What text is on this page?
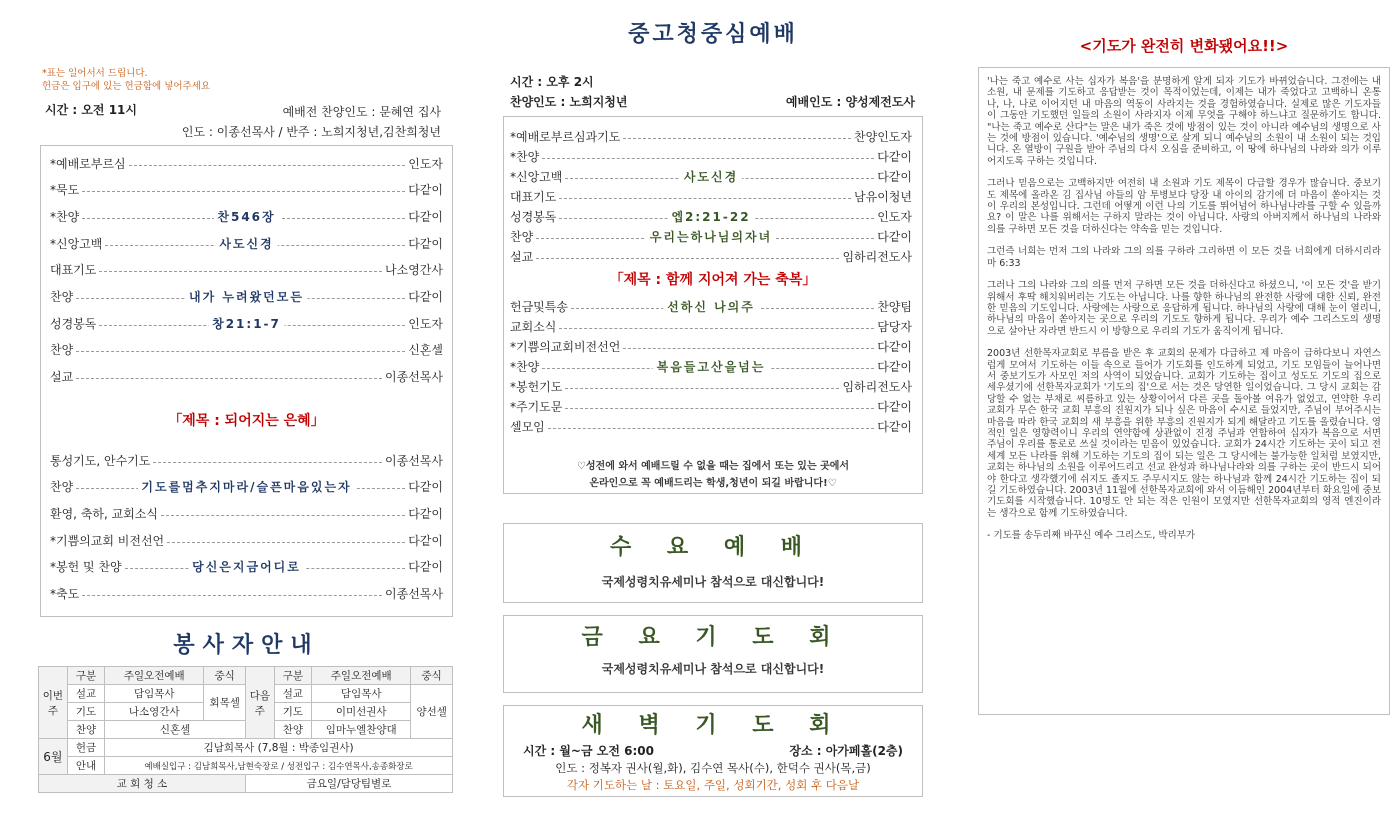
*표는 일어서서 드립니다.
헌금은 입구에 있는 헌금함에 넣어주세요
시간 : 오전 11시	예배전 찬양인도 : 문혜연 집사
인도 : 이종선목사 / 반주 : 노희지청년,김찬희청년
*예배로부르심	인도자
*묵도	다같이
*찬양	다같이
찬546장
*신앙고백	다같이
사도신경
대표기도	나소영간사
찬양	다같이
내가 누려왔던모든
성경봉독	인도자
창21:1-7
찬양	신혼셀
설교	이종선목사
통성기도, 안수기도	이종선목사
찬양	다같이
기도를멈추지마라/슬픈마음있는자
환영, 축하, 교회소식	다같이
*기쁨의교회 비전선언	다같이
*봉헌 및 찬양	다같이
당신은지금어디로
*축도	이종선목사
「제목 : 되어지는 은혜」
봉사자안내
이번주	구분	주일오전예배	중식	다음주	구분	주일오전예배	중식
	설교	담임목사	회목셀		설교	담임목사	양선셀
	기도	나소영간사			기도	이미선권사	
	찬양	신혼셀			찬양	임마누엘찬양대	
6월	헌금	김남희목사 (7,8월 : 박종임권사)					
	안내	예배실입구 : 김남희목사,남현숙장로 / 성전입구 : 김수연목사,송종화장로					
교 회 청 소				금요일/담당팀별로			
중고청중심예배
시간 : 오후 2시
찬양인도 : 노희지청년	예배인도 : 양성제전도사
*예배로부르심과기도	찬양인도자
*찬양	다같이
*신앙고백	다같이
사도신경
대표기도	남유이청년
성경봉독	인도자
엡2:21-22
찬양	다같이
우리는하나님의자녀
설교	임하리전도사
헌금및특송	찬양팀
선하신 나의주
교회소식	담당자
*기쁨의교회비전선언	다같이
*찬양	다같이
복음들고산을넘는
*봉헌기도	임하리전도사
*주기도문	다같이
셀모임	다같이
「제목 : 함께 지어져 가는 축복」
♡성전에 와서 예배드릴 수 없을 때는 집에서 또는 있는 곳에서
온라인으로 꼭 예배드리는 학생,청년이 되길 바랍니다!♡
수 요 예 배
국제성령치유세미나 참석으로 대신합니다!
금 요 기 도 회
국제성령치유세미나 참석으로 대신합니다!
새 벽 기 도 회
시간 : 월~금 오전 6:00	장소 : 아가페홀(2층)
인도 : 정복자 권사(월,화), 김수연 목사(수), 한덕수 권사(목,금)
각자 기도하는 날 : 토요일, 주일, 성회기간, 성회 후 다음날
<기도가 완전히 변화됐어요!!>

'나는 죽고 예수로 사는 십자가 복음'을 분명하게 알게 되자 기도가 바뀌었습니다. 그전에는 내 소원, 내 문제를 기도하고 응답받는 것이 목적이었는데, 이제는 내가 죽었다고 고백하니 온통 나, 나, 나로 이어지던 내 마음의 역동이 사라지는 것을 경험하였습니다. 실제로 많은 기도자들이 그동안 기도했던 일들의 소원이 사라지자 이제 무엇을 구해야 하느냐고 질문하기도 합니다. "나는 죽고 예수로 산다"는 말은 내가 죽은 것에 방점이 있는 것이 아니라 예수님의 생명으로 사는 것에 방점이 있습니다. '예수님의 생명'으로 살게 되니 예수님의 소원이 내 소원이 되는 것입니다. 온 열방이 구원을 받아 주님의 다시 오심을 준비하고, 이 땅에 하나님의 나라와 의가 이루어지도록 구하는 것입니다.

그러나 믿음으로는 고백하지만 여전히 내 소원과 기도 제목이 다급할 경우가 많습니다. 중보기도 제목에 올라온 김 집사님 아들의 암 투병보다 당장 내 아이의 감기에 더 마음이 쏟아지는 것이 우리의 본성입니다. 그런데 어떻게 이런 나의 기도를 뛰어넘어 하나님나라를 구할 수 있을까요? 이 말은 나를 위해서는 구하지 말라는 것이 아닙니다. 사랑의 아버지께서 하나님의 나라와 의를 구하면 모든 것을 더하신다는 약속을 믿는 것입니다.

그런즉 너희는 먼저 그의 나라와 그의 의를 구하라 그리하면 이 모든 것을 너희에게 더하시리라 마 6:33

그러나 그의 나라와 그의 의를 먼저 구하면 모든 것을 더하신다고 하셨으니, '이 모든 것'을 받기 위해서 후딱 해치워버리는 기도는 아닙니다. 나를 향한 하나님의 완전한 사랑에 대한 신뢰, 완전한 믿음의 기도입니다. 사랑에는 사랑으로 응답하게 됩니다. 하나님의 사랑에 대해 눈이 열리니, 하나님의 마음이 쏟아지는 곳으로 우리의 기도도 향하게 됩니다. 우리가 예수 그리스도의 생명으로 살아난 자라면 반드시 이 방향으로 우리의 기도가 움직이게 됩니다.

2003년 선한목자교회로 부름을 받은 후 교회의 문제가 다급하고 제 마음이 급하다보니 자연스럽게 모여서 기도하는 이들 속으로 들어가 기도회를 인도하게 되었고, 기도 모임들이 늘어나면서 중보기도가 사모인 저의 사역이 되었습니다. 교회가 기도하는 집이고 성도도 기도의 집으로 세우셨기에 선한목자교회가 '기도의 집'으로 서는 것은 당연한 일이었습니다. 그 당시 교회는 감당할 수 없는 부채로 씨름하고 있는 상황이어서 다른 곳을 돌아볼 여유가 없었고, 연약한 우리 교회가 무슨 한국 교회 부흥의 진원지가 되나 싶은 마음이 수시로 들었지만, 주님이 부어주시는 마음을 따라 한국 교회의 새 부흥을 위한 부흥의 진원지가 되게 해달라고 기도를 올렸습니다. 영적인 일은 영향력이니 우리의 연약함에 상관없이 진정 주님과 연합하여 십자가 복음으로 서면 주님이 우리를 통로로 쓰실 것이라는 믿음이 있었습니다. 교회가 24시간 기도하는 곳이 되고 전 세계 모든 나라를 위해 기도하는 기도의 집이 되는 일은 그 당시에는 불가능한 일처럼 보였지만, 교회는 하나님의 소원을 이루어드리고 선교 완성과 하나님나라와 의를 구하는 곳이 반드시 되어야 한다고 생각했기에 쉬지도 졸지도 주무시지도 않는 하나님과 함께 24시간 기도하는 집이 되길 기도하였습니다. 2003년 11월에 선한목자교회에 와서 이듬해인 2004년부터 화요일에 중보기도회를 시작했습니다. 10명도 안 되는 적은 인원이 모였지만 선한목자교회의 영적 엔진이라는 생각으로 함께 기도하였습니다.

- 기도를 송두리째 바꾸신 예수 그리스도, 박리부가
